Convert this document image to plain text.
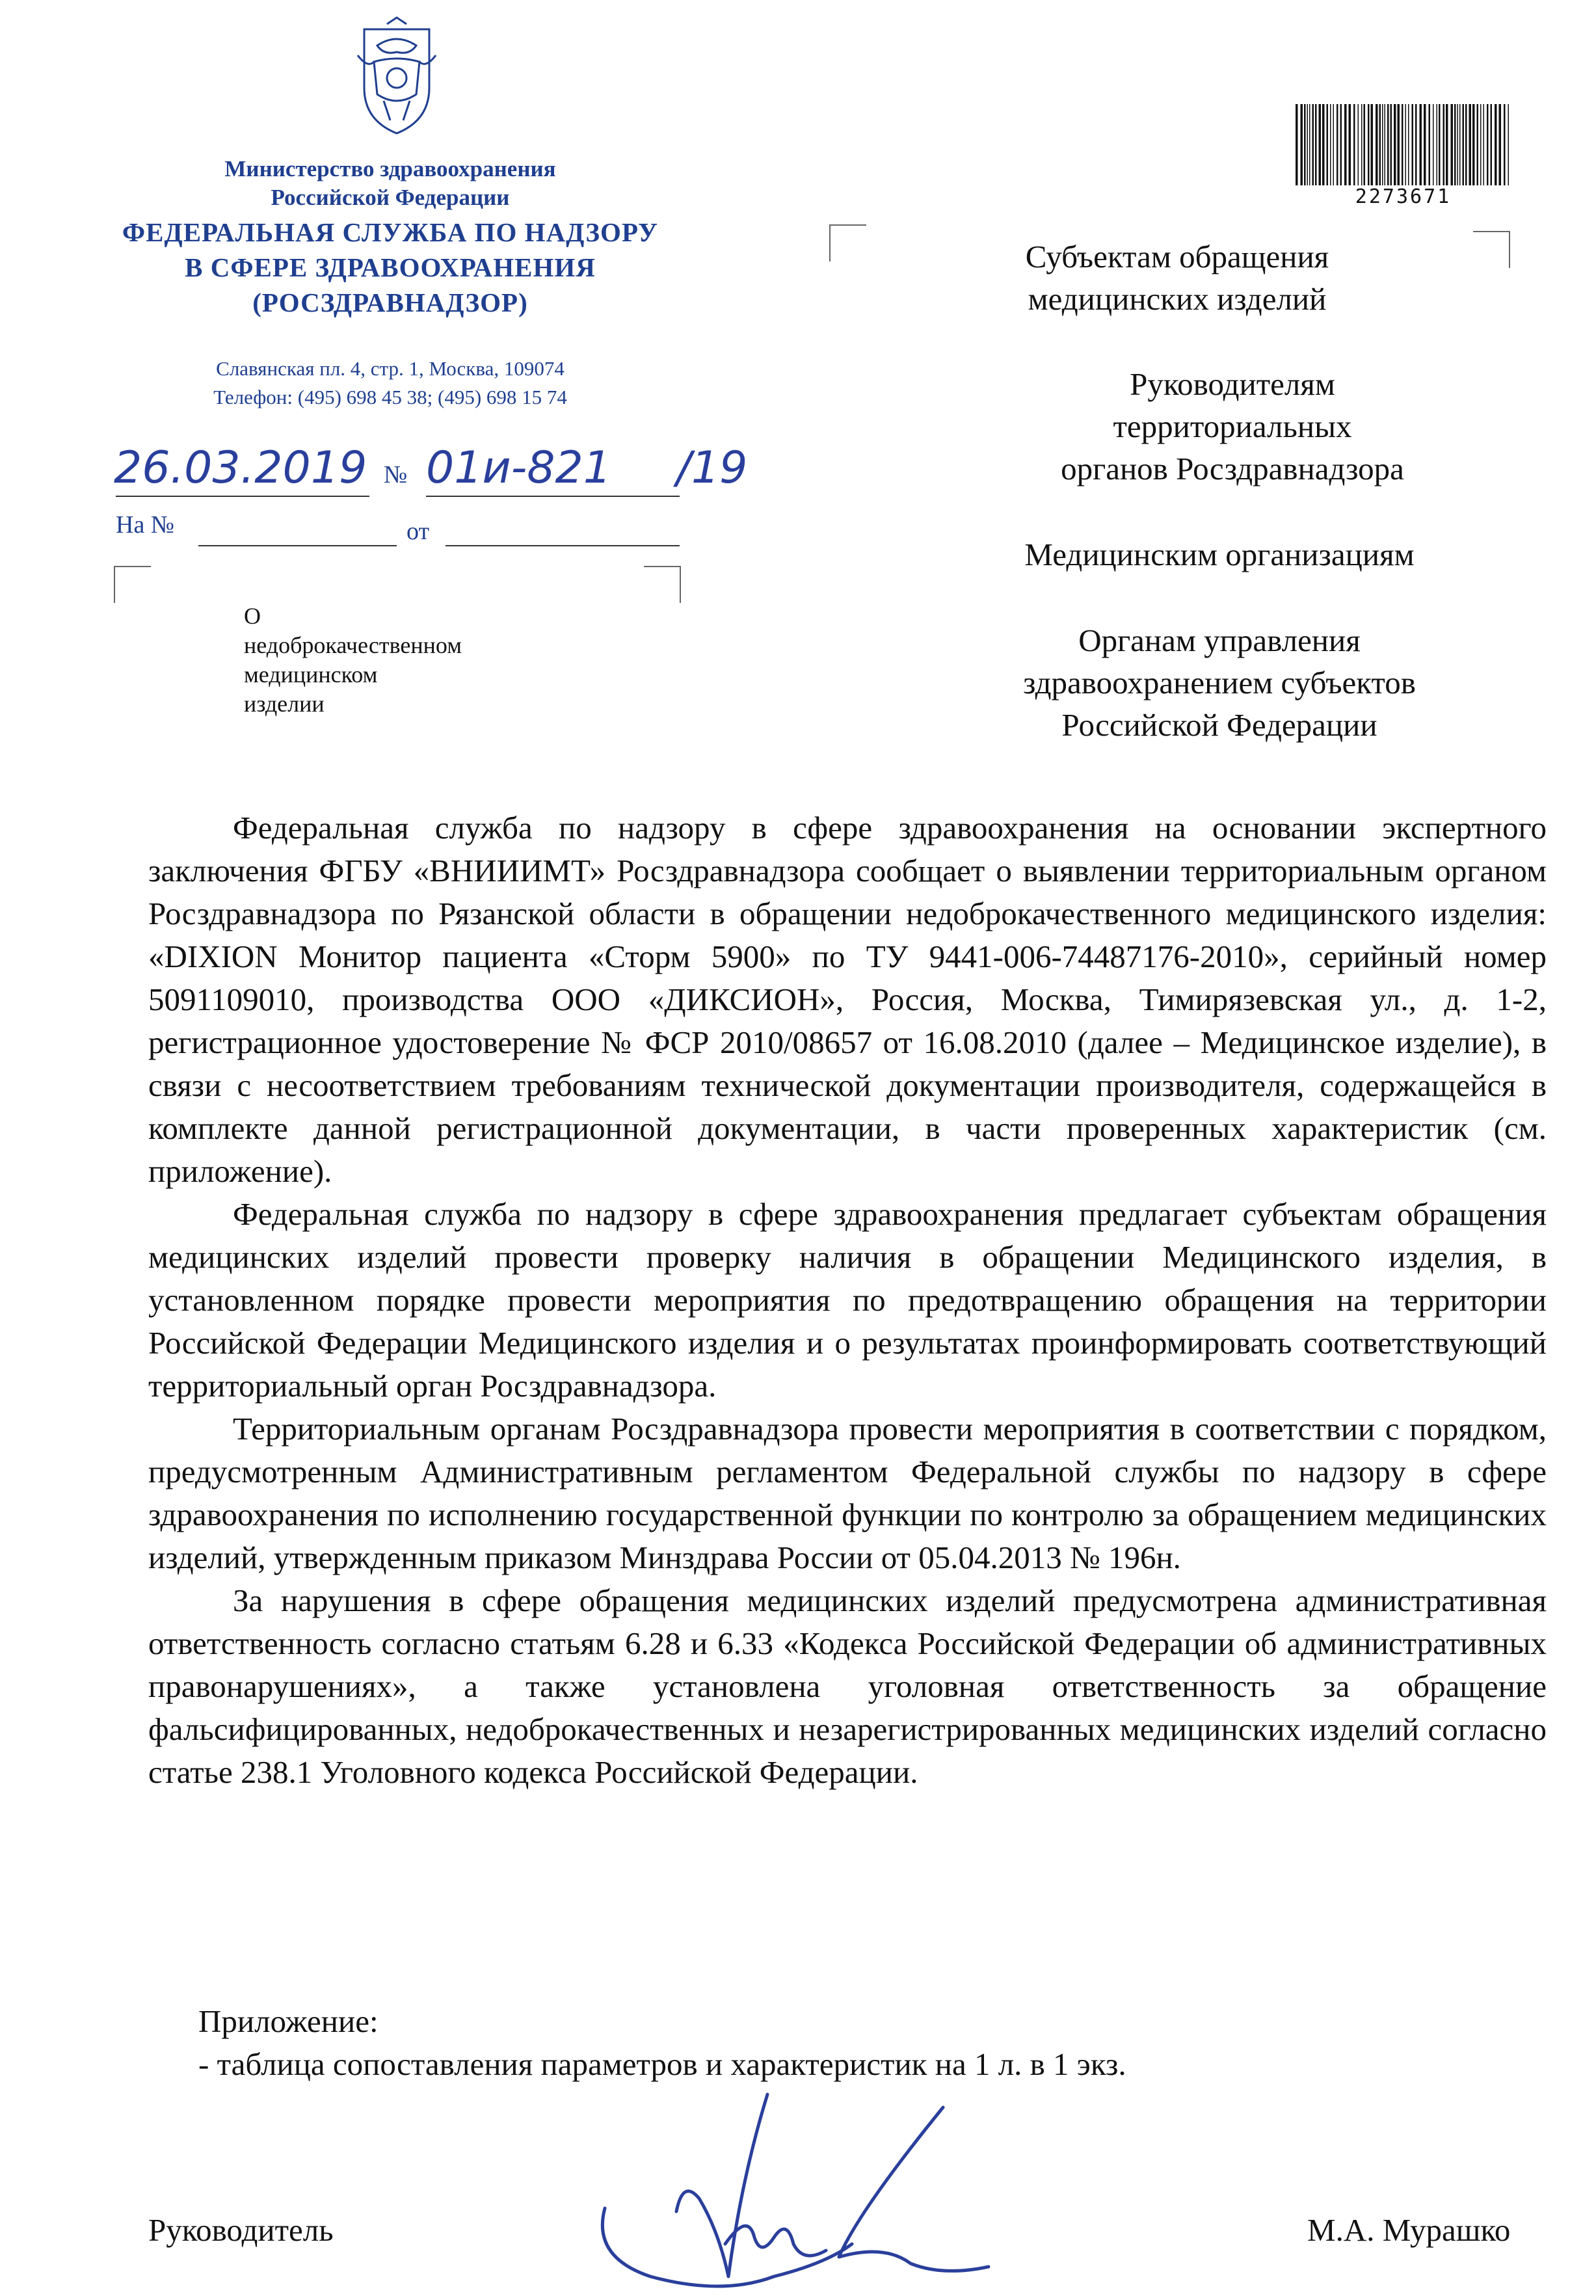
Министерство здравоохранения
Российской Федерации
ФЕДЕРАЛЬНАЯ СЛУЖБА ПО НАДЗОРУ
В СФЕРЕ ЗДРАВООХРАНЕНИЯ
(РОСЗДРАВНАДЗОР)
Славянская пл. 4, стр. 1, Москва, 109074
Телефон: (495) 698 45 38; (495) 698 15 74
26.03.2019 № 01и-821 /19
На №	от
О недоброкачественном
медицинском изделии
2273671
Субъектам обращения
медицинских изделий
Руководителям
территориальных
органов Росздравнадзора
Медицинским организациям
Органам управления
здравоохранением субъектов
Российской Федерации

Федеральная служба по надзору в сфере здравоохранения на основании экспертного заключения ФГБУ «ВНИИИМТ» Росздравнадзора сообщает о выявлении территориальным органом Росздравнадзора по Рязанской области в обращении недоброкачественного медицинского изделия: «DIXION Монитор пациента «Сторм 5900» по ТУ 9441-006-74487176-2010», серийный номер 5091109010, производства ООО «ДИКСИОН», Россия, Москва, Тимирязевская ул., д. 1-2, регистрационное удостоверение № ФСР 2010/08657 от 16.08.2010 (далее – Медицинское изделие), в связи с несоответствием требованиям технической документации производителя, содержащейся в комплекте данной регистрационной документации, в части проверенных характеристик (см. приложение).

Федеральная служба по надзору в сфере здравоохранения предлагает субъектам обращения медицинских изделий провести проверку наличия в обращении Медицинского изделия, в установленном порядке провести мероприятия по предотвращению обращения на территории Российской Федерации Медицинского изделия и о результатах проинформировать соответствующий территориальный орган Росздравнадзора.

Территориальным органам Росздравнадзора провести мероприятия в соответствии с порядком, предусмотренным Административным регламентом Федеральной службы по надзору в сфере здравоохранения по исполнению государственной функции по контролю за обращением медицинских изделий, утвержденным приказом Минздрава России от 05.04.2013 № 196н.

За нарушения в сфере обращения медицинских изделий предусмотрена административная ответственность согласно статьям 6.28 и 6.33 «Кодекса Российской Федерации об административных правонарушениях», а также установлена уголовная ответственность за обращение фальсифицированных, недоброкачественных и незарегистрированных медицинских изделий согласно статье 238.1 Уголовного кодекса Российской Федерации.

Приложение:
- таблица сопоставления параметров и характеристик на 1 л. в 1 экз.
Руководитель	М.А. Мурашко
